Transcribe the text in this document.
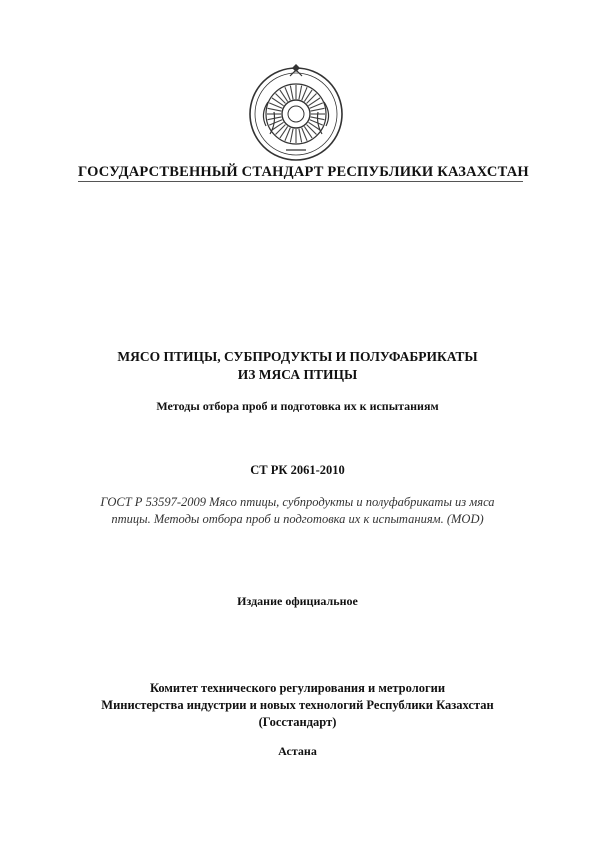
ГОСУДАРСТВЕННЫЙ СТАНДАРТ РЕСПУБЛИКИ КАЗАХСТАН
МЯСО ПТИЦЫ, СУБПРОДУКТЫ И ПОЛУФАБРИКАТЫ
ИЗ МЯСА ПТИЦЫ
Методы отбора проб и подготовка их к испытаниям
СТ РК 2061-2010
ГОСТ Р 53597-2009 Мясо птицы, субпродукты и полуфабрикаты из мяса
птицы. Методы отбора проб и подготовка их к испытаниям. (MOD)
Издание официальное
Комитет технического регулирования и метрологии
Министерства индустрии и новых технологий Республики Казахстан
(Госстандарт)
Астана
